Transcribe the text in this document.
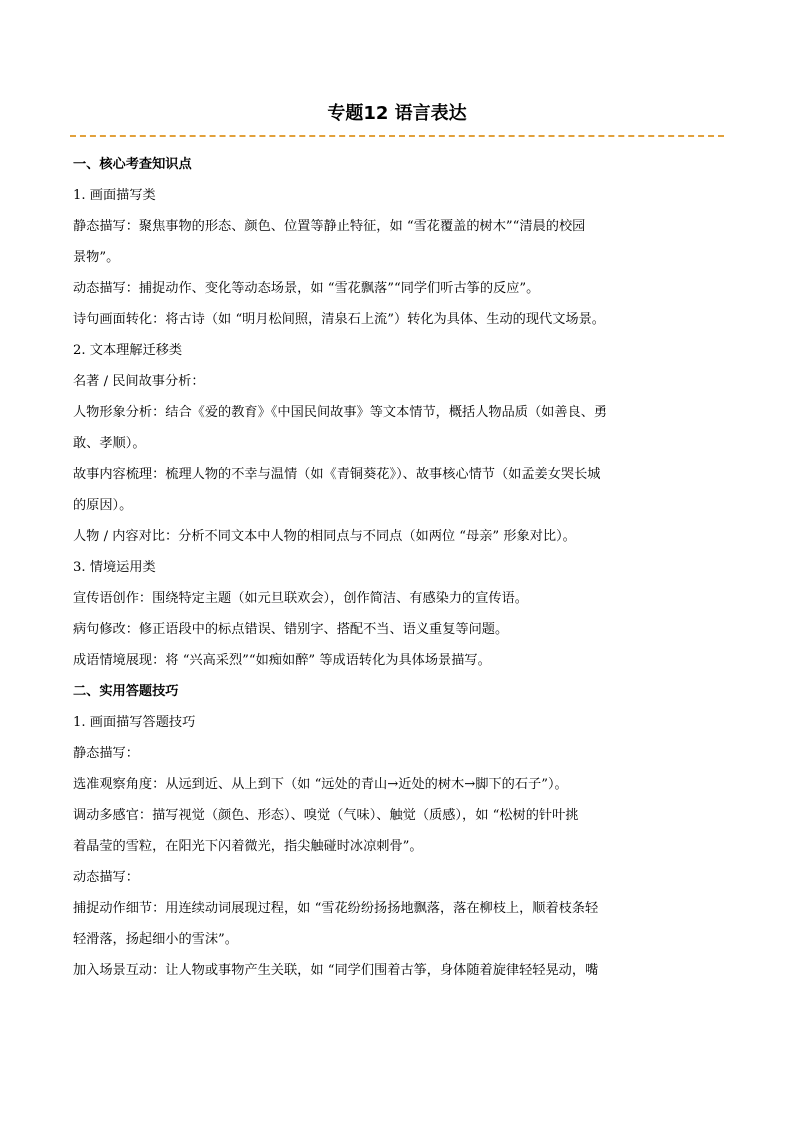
专题12 语言表达

一、核心考查知识点

1. 画面描写类

静态描写：聚焦事物的形态、颜色、位置等静止特征，如 “雪花覆盖的树木”“清晨的校园

景物”。

动态描写：捕捉动作、变化等动态场景，如 “雪花飘落”“同学们听古筝的反应”。

诗句画面转化：将古诗（如 “明月松间照，清泉石上流”）转化为具体、生动的现代文场景。

2. 文本理解迁移类

名著 / 民间故事分析：

人物形象分析：结合《爱的教育》《中国民间故事》等文本情节，概括人物品质（如善良、勇

敢、孝顺）。

故事内容梳理：梳理人物的不幸与温情（如《青铜葵花》）、故事核心情节（如孟姜女哭长城

的原因）。

人物 / 内容对比：分析不同文本中人物的相同点与不同点（如两位 “母亲” 形象对比）。

3. 情境运用类

宣传语创作：围绕特定主题（如元旦联欢会），创作简洁、有感染力的宣传语。

病句修改：修正语段中的标点错误、错别字、搭配不当、语义重复等问题。

成语情境展现：将 “兴高采烈”“如痴如醉” 等成语转化为具体场景描写。

二、实用答题技巧

1. 画面描写答题技巧

静态描写：

选准观察角度：从远到近、从上到下（如 “远处的青山→近处的树木→脚下的石子”）。

调动多感官：描写视觉（颜色、形态）、嗅觉（气味）、触觉（质感），如 “松树的针叶挑

着晶莹的雪粒，在阳光下闪着微光，指尖触碰时冰凉刺骨”。

动态描写：

捕捉动作细节：用连续动词展现过程，如 “雪花纷纷扬扬地飘落，落在柳枝上，顺着枝条轻

轻滑落，扬起细小的雪沫”。

加入场景互动：让人物或事物产生关联，如 “同学们围着古筝，身体随着旋律轻轻晃动，嘴
